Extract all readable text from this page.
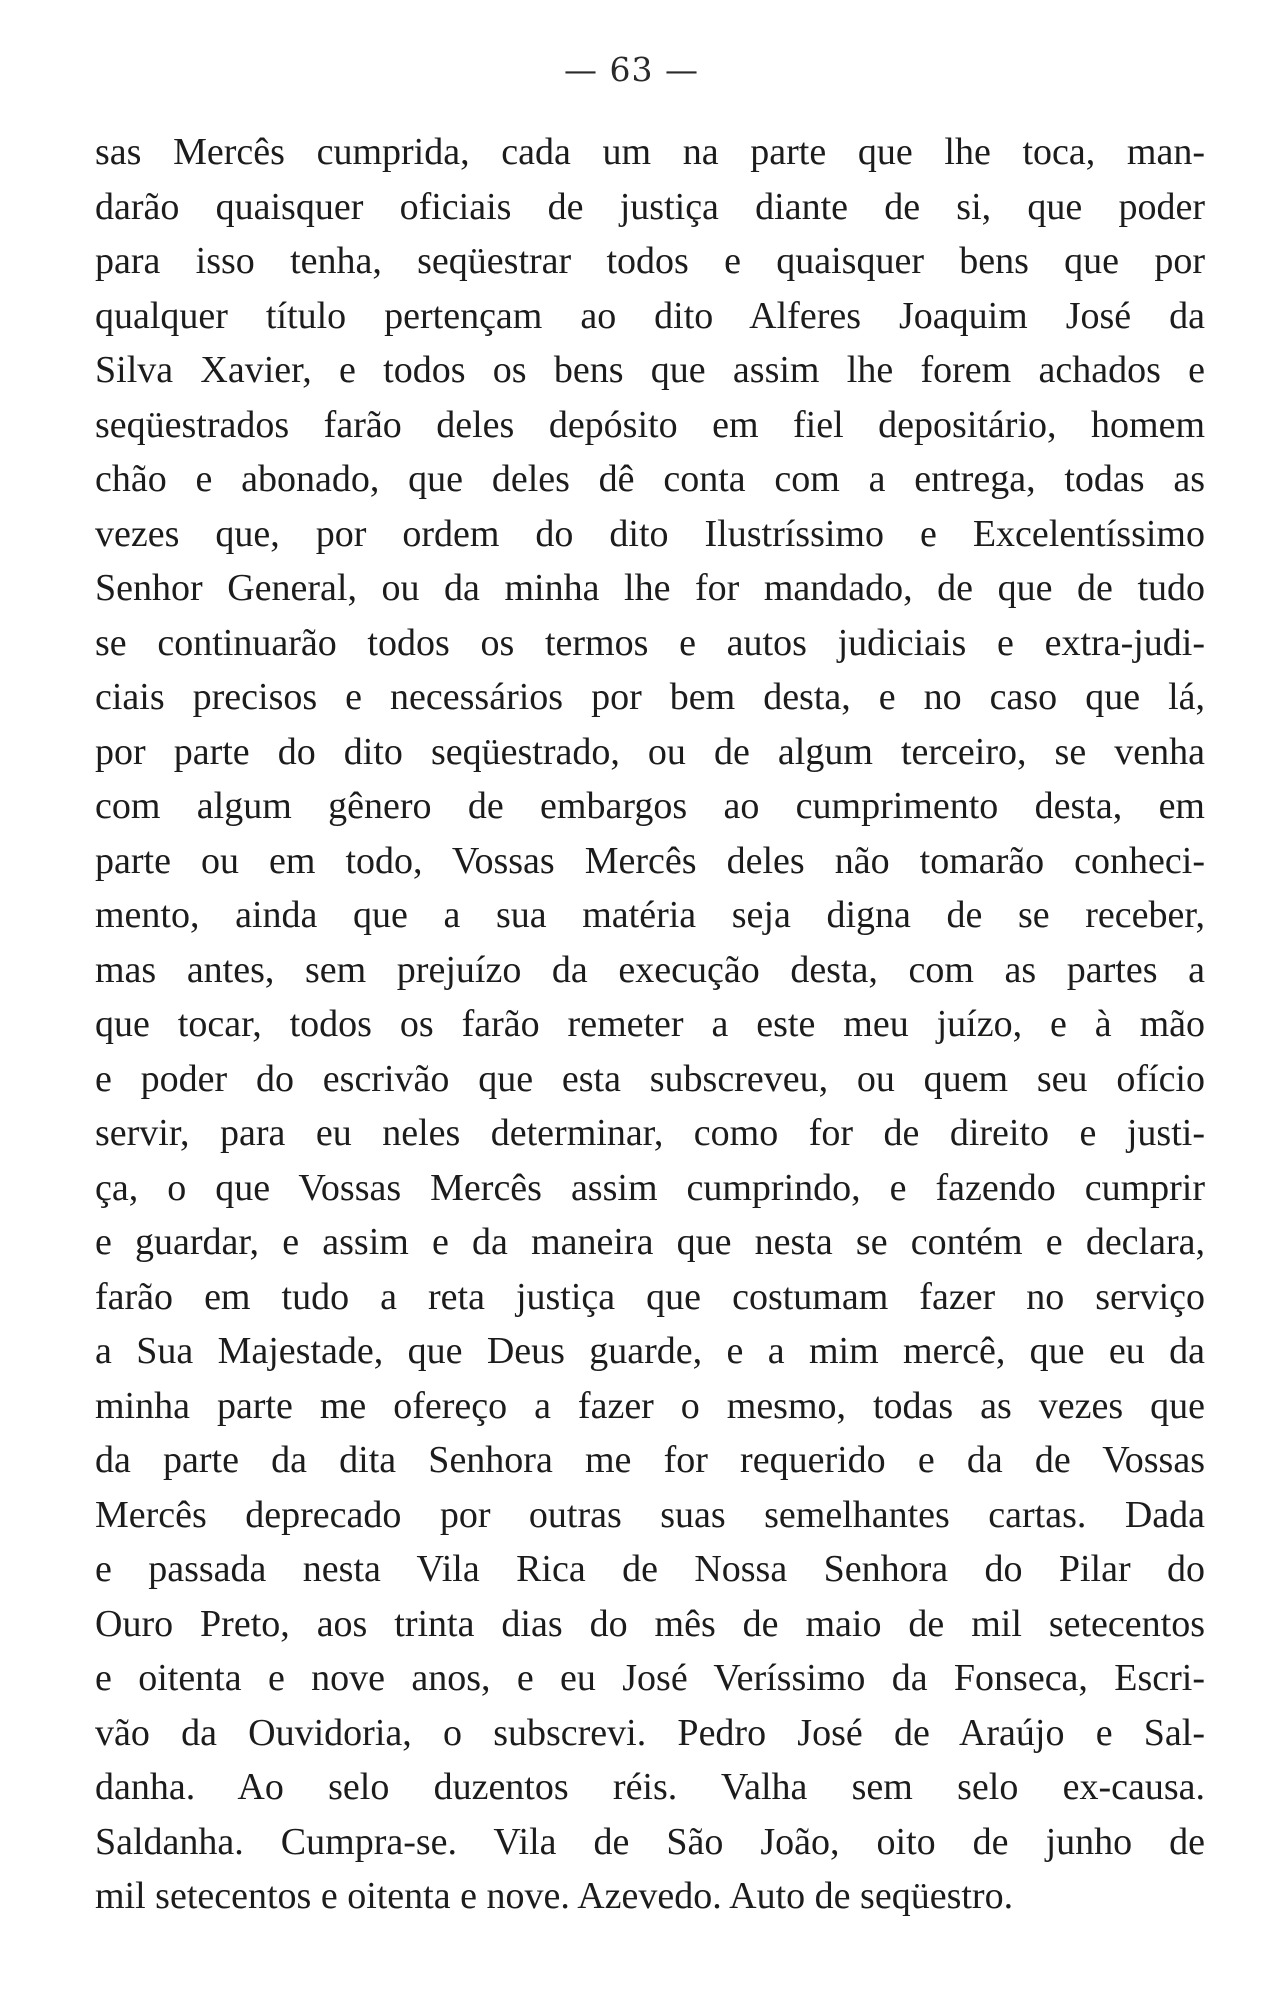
— 63 —
sas Mercês cumprida, cada um na parte que lhe toca, man-
darão quaisquer oficiais de justiça diante de si, que poder
para isso tenha, seqüestrar todos e quaisquer bens que por
qualquer título pertençam ao dito Alferes Joaquim José da
Silva Xavier, e todos os bens que assim lhe forem achados e
seqüestrados farão deles depósito em fiel depositário, homem
chão e abonado, que deles dê conta com a entrega, todas as
vezes que, por ordem do dito Ilustríssimo e Excelentíssimo
Senhor General, ou da minha lhe for mandado, de que de tudo
se continuarão todos os termos e autos judiciais e extra-judi-
ciais precisos e necessários por bem desta, e no caso que lá,
por parte do dito seqüestrado, ou de algum terceiro, se venha
com algum gênero de embargos ao cumprimento desta, em
parte ou em todo, Vossas Mercês deles não tomarão conheci-
mento, ainda que a sua matéria seja digna de se receber,
mas antes, sem prejuízo da execução desta, com as partes a
que tocar, todos os farão remeter a este meu juízo, e à mão
e poder do escrivão que esta subscreveu, ou quem seu ofício
servir, para eu neles determinar, como for de direito e justi-
ça, o que Vossas Mercês assim cumprindo, e fazendo cumprir
e guardar, e assim e da maneira que nesta se contém e declara,
farão em tudo a reta justiça que costumam fazer no serviço
a Sua Majestade, que Deus guarde, e a mim mercê, que eu da
minha parte me ofereço a fazer o mesmo, todas as vezes que
da parte da dita Senhora me for requerido e da de Vossas
Mercês deprecado por outras suas semelhantes cartas. Dada
e passada nesta Vila Rica de Nossa Senhora do Pilar do
Ouro Preto, aos trinta dias do mês de maio de mil setecentos
e oitenta e nove anos, e eu José Veríssimo da Fonseca, Escri-
vão da Ouvidoria, o subscrevi. Pedro José de Araújo e Sal-
danha. Ao selo duzentos réis. Valha sem selo ex-causa.
Saldanha. Cumpra-se. Vila de São João, oito de junho de
mil setecentos e oitenta e nove. Azevedo. Auto de seqüestro.
